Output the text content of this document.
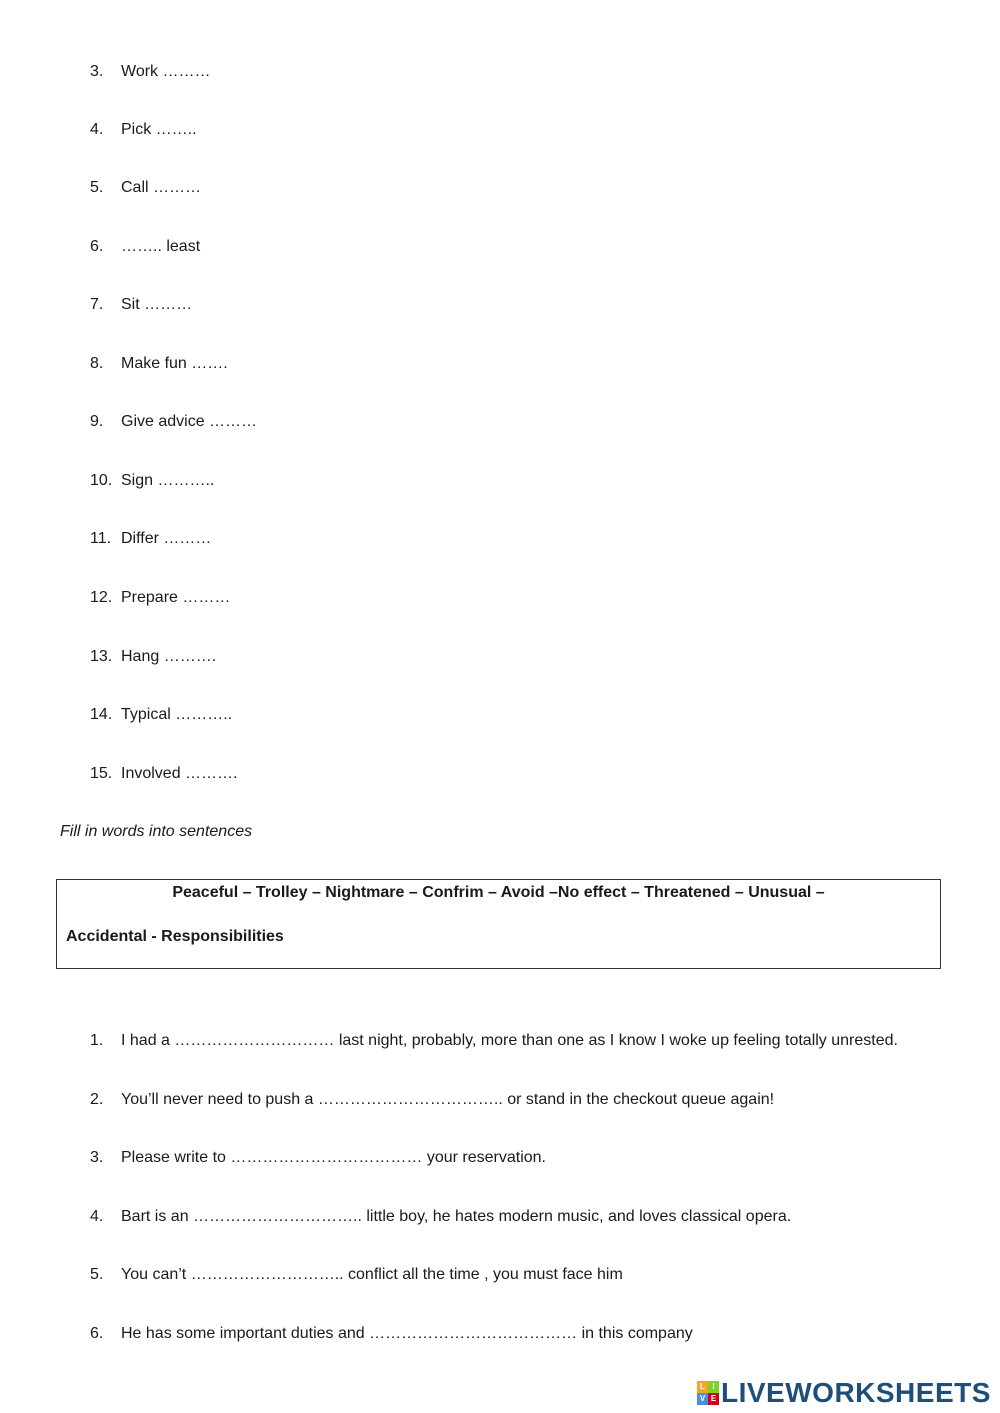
3. Work ………
4. Pick ……..
5. Call ………
6. …….. least
7. Sit ………
8. Make fun …….
9. Give advice ………
10. Sign ………..
11. Differ ………
12. Prepare ………
13. Hang ……….
14. Typical ………..
15. Involved ……….
Fill in words into sentences
Peaceful – Trolley – Nightmare – Confrim – Avoid –No effect – Threatened – Unusual –
Accidental - Responsibilities
1. I had a ………………………… last night, probably, more than one as I know I woke up feeling totally unrested.
2. You’ll never need to push a …………………………….. or stand in the checkout queue again!
3. Please write to ……………………………… your reservation.
4. Bart is an ………………………….. little boy, he hates modern music, and loves classical opera.
5. You can’t ……………………….. conflict all the time , you must face him
6. He has some important duties and ………………………………… in this company
L I
V E LIVEWORKSHEETS
